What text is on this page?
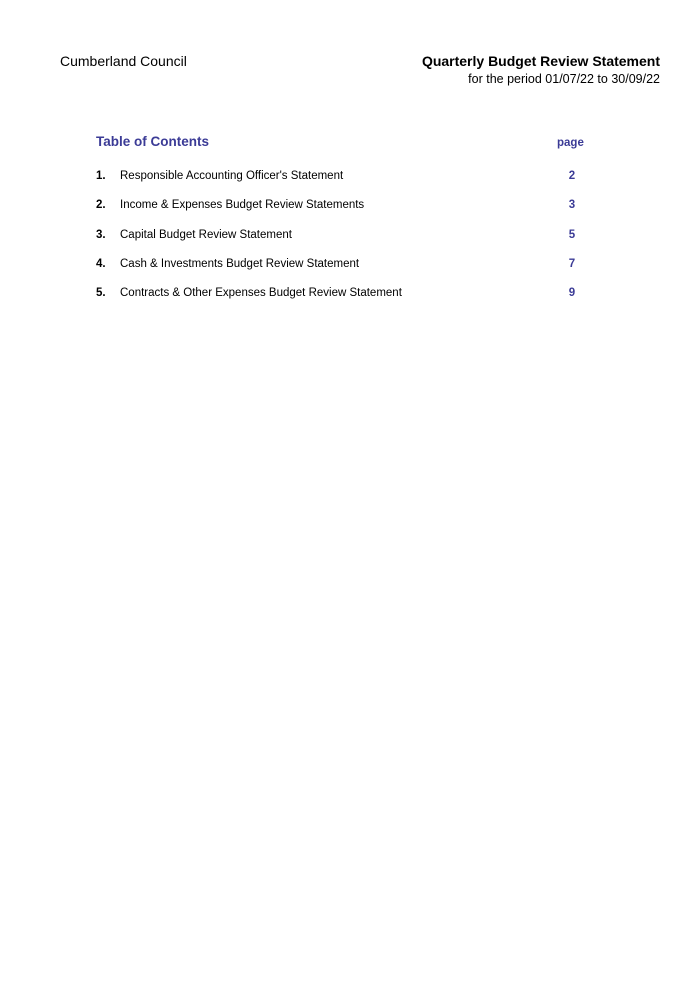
Cumberland Council	Quarterly Budget Review Statement
for the period 01/07/22 to 30/09/22
Table of Contents	page
1. Responsible Accounting Officer's Statement	2
2. Income & Expenses Budget Review Statements	3
3. Capital Budget Review Statement	5
4. Cash & Investments Budget Review Statement	7
5. Contracts & Other Expenses Budget Review Statement	9
